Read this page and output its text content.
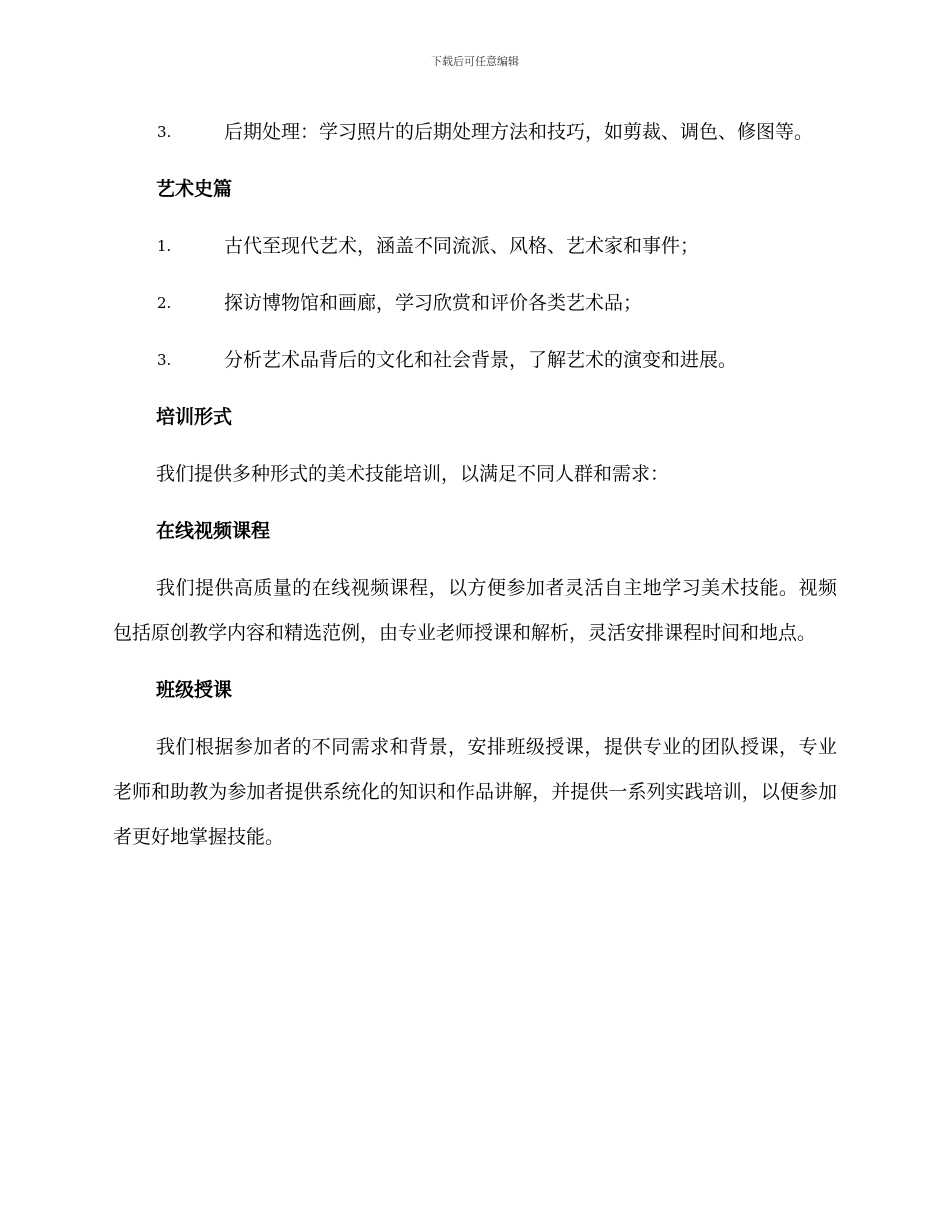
下载后可任意编辑
3.	后期处理：学习照片的后期处理方法和技巧，如剪裁、调色、修图等。
艺术史篇
1.	古代至现代艺术，涵盖不同流派、风格、艺术家和事件；
2.	探访博物馆和画廊，学习欣赏和评价各类艺术品；
3.	分析艺术品背后的文化和社会背景，了解艺术的演变和进展。
培训形式
我们提供多种形式的美术技能培训，以满足不同人群和需求：
在线视频课程
我们提供高质量的在线视频课程，以方便参加者灵活自主地学习美术技能。视频包括原创教学内容和精选范例，由专业老师授课和解析，灵活安排课程时间和地点。
班级授课
我们根据参加者的不同需求和背景，安排班级授课，提供专业的团队授课，专业老师和助教为参加者提供系统化的知识和作品讲解，并提供一系列实践培训，以便参加者更好地掌握技能。
